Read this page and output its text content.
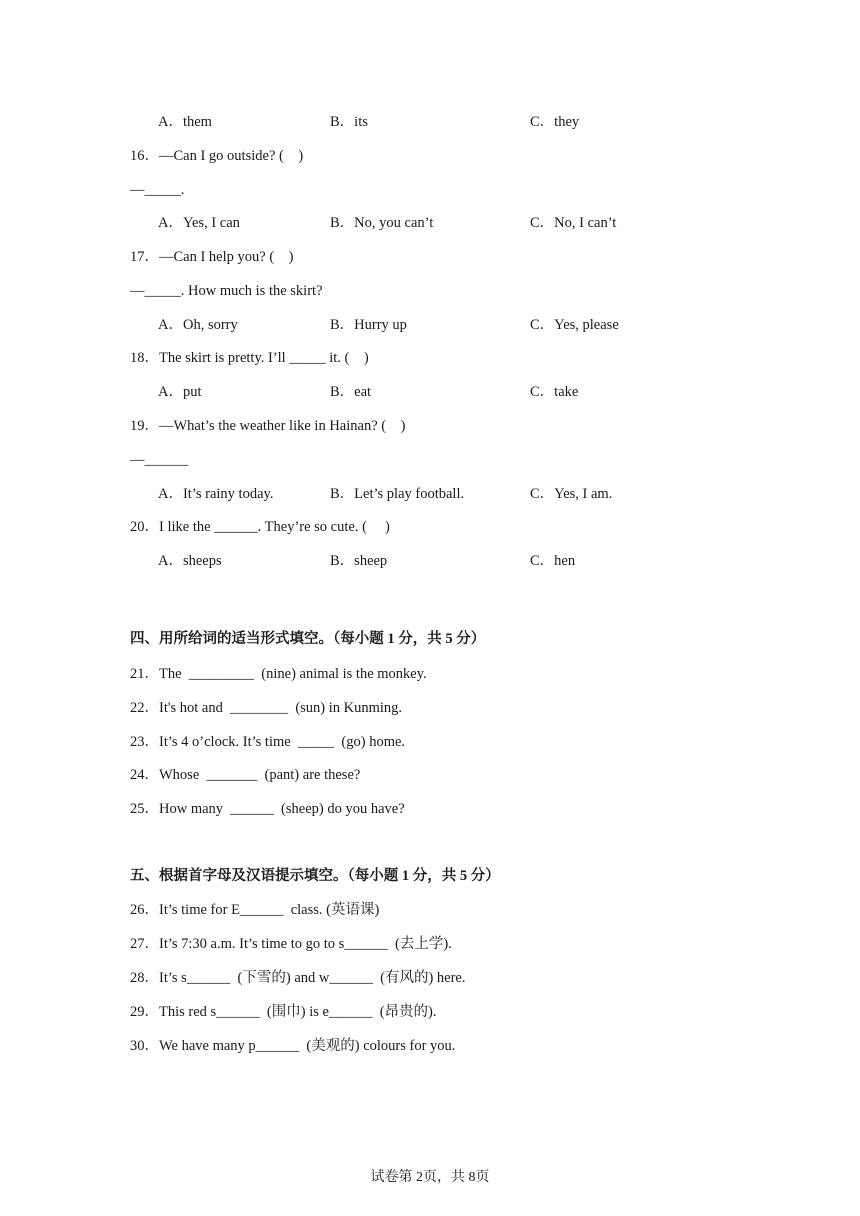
A．them	B．its	C．they
16．—Can I go outside? (    )
—_____.
A．Yes, I can	B．No, you can’t	C．No, I can’t
17．—Can I help you? (    )
—_____. How much is the skirt?
A．Oh, sorry	B．Hurry up	C．Yes, please
18．The skirt is pretty. I’ll _____ it. (    )
A．put	B．eat	C．take
19．—What’s the weather like in Hainan? (    )
—______
A．It’s rainy today.	B．Let’s play football.	C．Yes, I am.
20．I like the ______. They’re so cute. (     )
A．sheeps	B．sheep	C．hen
四、用所给词的适当形式填空。（每小题 1 分，共 5 分）
21．The  _________  (nine) animal is the monkey.
22．It's hot and  ________  (sun) in Kunming.
23．It’s 4 o’clock. It’s time  _____  (go) home.
24．Whose  _______  (pant) are these?
25．How many  ______  (sheep) do you have?
五、根据首字母及汉语提示填空。（每小题 1 分，共 5 分）
26．It’s time for E______  class. (英语课)
27．It’s 7:30 a.m. It’s time to go to s______  (去上学).
28．It’s s______  (下雪的) and w______  (有风的) here.
29．This red s______  (围巾) is e______  (昂贵的).
30．We have many p______  (美观的) colours for you.
试卷第 2页，共 8页
